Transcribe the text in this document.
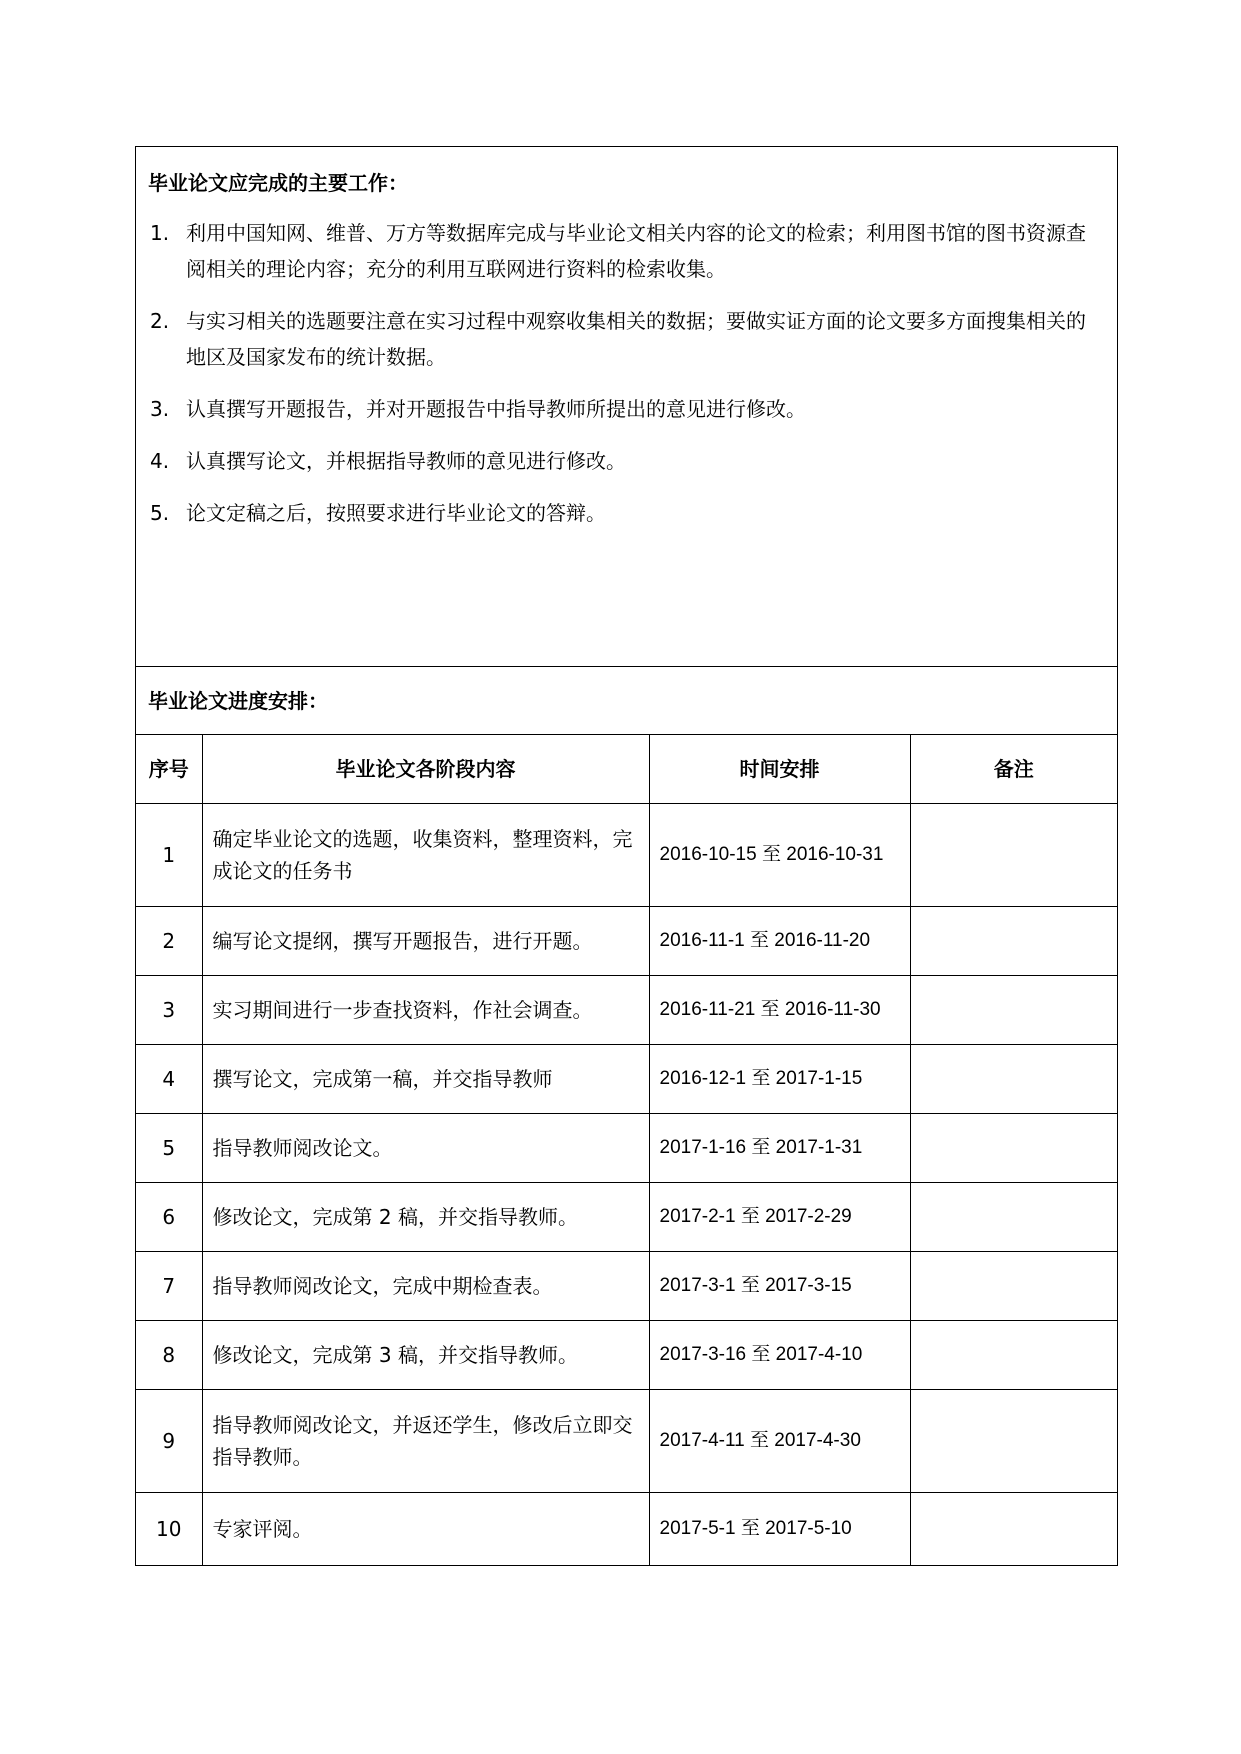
毕业论文应完成的主要工作：
1. 利用中国知网、维普、万方等数据库完成与毕业论文相关内容的论文的检索；利用图书馆的图书资源查阅相关的理论内容；充分的利用互联网进行资料的检索收集。
2. 与实习相关的选题要注意在实习过程中观察收集相关的数据；要做实证方面的论文要多方面搜集相关的地区及国家发布的统计数据。
3. 认真撰写开题报告，并对开题报告中指导教师所提出的意见进行修改。
4. 认真撰写论文，并根据指导教师的意见进行修改。
5. 论文定稿之后，按照要求进行毕业论文的答辩。
毕业论文进度安排：
序号	毕业论文各阶段内容	时间安排	备注
1	确定毕业论文的选题，收集资料，整理资料，完成论文的任务书	2016-10-15 至 2016-10-31	
2	编写论文提纲，撰写开题报告，进行开题。	2016-11-1 至 2016-11-20	
3	实习期间进行一步查找资料，作社会调查。	2016-11-21 至 2016-11-30	
4	撰写论文，完成第一稿，并交指导教师	2016-12-1 至 2017-1-15	
5	指导教师阅改论文。	2017-1-16 至 2017-1-31	
6	修改论文，完成第 2 稿，并交指导教师。	2017-2-1 至 2017-2-29	
7	指导教师阅改论文，完成中期检查表。	2017-3-1 至 2017-3-15	
8	修改论文，完成第 3 稿，并交指导教师。	2017-3-16 至 2017-4-10	
9	指导教师阅改论文，并返还学生，修改后立即交指导教师。	2017-4-11 至 2017-4-30	
10	专家评阅。	2017-5-1 至 2017-5-10	
